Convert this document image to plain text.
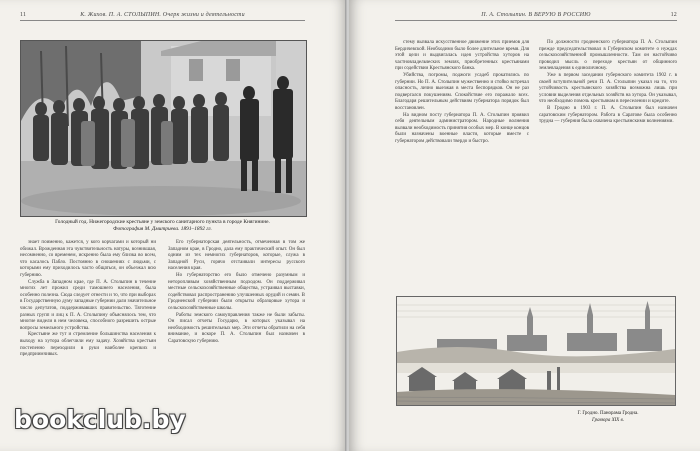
11	К. Жихов. П. А. СТОЛЫПИН. Очерк жизни и деятельности
Голодный год. Нижегородские крестьяне у земского санитарного пункта в городе Княгинине.
Фотография М. Дмитриева. 1891–1892 гг.

знает поименно, кажется, у кого корчагами и который ни обижал. Врожденная эта чувствительность натуры, возникшая, несомненно, со временем, искренно была ему близка во всем, что касалось Пабло. Постоянно в сношениях с людьми, с которыми ему приходилось часто общаться, он объезжал всю губернию.

Служба в Западном крае, где П. А. Столыпин в течение многих лет прожил среди тамошнего населения, была особенно полезна. Сюда следует отнести и то, что при выборах в Государственную думу западные губернии дали значительное число депутатов, поддерживавших правительство. Тяготение разных групп и лиц к П. А. Столыпину объяснялось тем, что многие видели в нем человека, способного разрешить острые вопросы земельного устройства.

Крестьяне же тут и стремление большинства населения к выходу на хутора облегчили ему задачу. Хозяйства крестьян постепенно переходили в руки наиболее крепких и предприимчивых.

Его губернаторская деятельность, отмеченная в том же Западном крае, в Гродно, дала ему практический опыт. Он был одним из тех немногих губернаторов, которые, служа в Западной Руси, горячо отстаивали интересы русского населения края.

Но губернаторство его было отмечено разумным и неторопливым хозяйственным подходом. Он поддерживал местные сельскохозяйственные общества, устраивал выставки, содействовал распространению улучшенных орудий и семян. В Гродненской губернии были открыты образцовые хутора и сельскохозяйственные школы.

Работы земского самоуправления также не были забыты. Он писал отчеты Государю, в которых указывал на необходимость решительных мер. Эти отчеты обратили на себя внимание, и вскоре П. А. Столыпин был назначен в Саратовскую губернию.

П. А. Столыпин. В ВЕРУЮ В РОССИЮ	12

стему вызвала искусственное движение этих приемов для Бердичевской. Необходимо было более длительное время. Для этой цели и выдвигалась идея устройства хуторов на частновладельческих землях, приобретенных крестьянами при содействии Крестьянского банка.

Убийства, погромы, поджоги усадеб прокатились по губернии. Но П. А. Столыпин мужественно и стойко встречал опасность, лично выезжая в места беспорядков. Он не раз подвергался покушениям. Спокойствие его поражало всех. Благодаря решительным действиям губернатора порядок был восстановлен.

На видном посту губернатора П. А. Столыпин проявил себя деятельным администратором. Народные волнения вызвали необходимость принятия особых мер. В конце концов были назначены военные власти, которые вместе с губернатором действовали твердо и быстро.

По должности гродненского губернатора П. А. Столыпин прежде председательствовал в Губернском комитете о нуждах сельскохозяйственной промышленности. Там он настойчиво проводил мысль о переходе крестьян от общинного землевладения к единоличному.

Уже в первом заседании губернского комитета 1902 г. в своей вступительной речи П. А. Столыпин указал на то, что устойчивость крестьянского хозяйства возможна лишь при условии выделения отдельных хозяйств на хутора. Он указывал, что необходимо помочь крестьянам в переселении и кредите.

В Гродно в 1903 г. П. А. Столыпин был назначен саратовским губернатором. Работа в Саратове была особенно трудна — губерния была охвачена крестьянскими волнениями.

Г. Гродно. Панорама Гродна.
Гравюра XIX в.
bookclub.by
